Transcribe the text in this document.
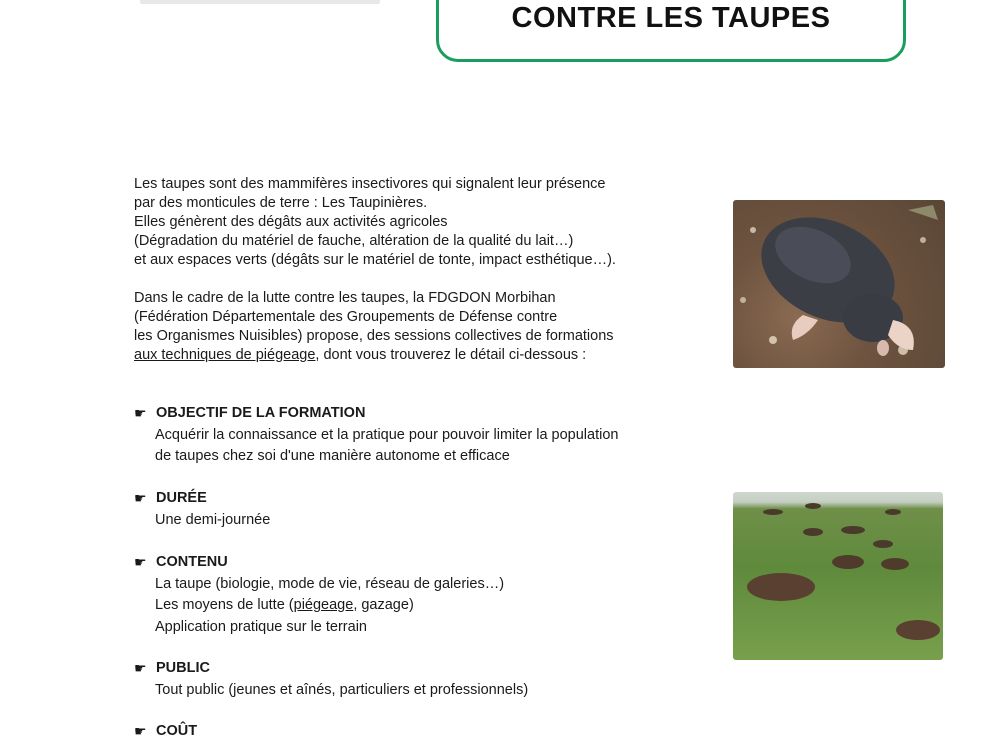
CONTRE LES TAUPES

Les taupes sont des mammifères insectivores qui signalent leur présence
par des monticules de terre : Les Taupinières.
Elles génèrent des dégâts aux activités agricoles
(Dégradation du matériel de fauche, altération de la qualité du lait…)
et aux espaces verts (dégâts sur le matériel de tonte, impact esthétique…).

Dans le cadre de la lutte contre les taupes, la FDGDON Morbihan
(Fédération Départementale des Groupements de Défense contre
les Organismes Nuisibles) propose, des sessions collectives de formations
aux techniques de piégeage, dont vous trouverez le détail ci-dessous :

☛ OBJECTIF DE LA FORMATION
Acquérir la connaissance et la pratique pour pouvoir limiter la population
de taupes chez soi d'une manière autonome et efficace
☛ DURÉE
Une demi-journée
☛ CONTENU
La taupe (biologie, mode de vie, réseau de galeries…)
Les moyens de lutte (piégeage, gazage)
Application pratique sur le terrain
☛ PUBLIC
Tout public (jeunes et aînés, particuliers et professionnels)
☛ COÛT
